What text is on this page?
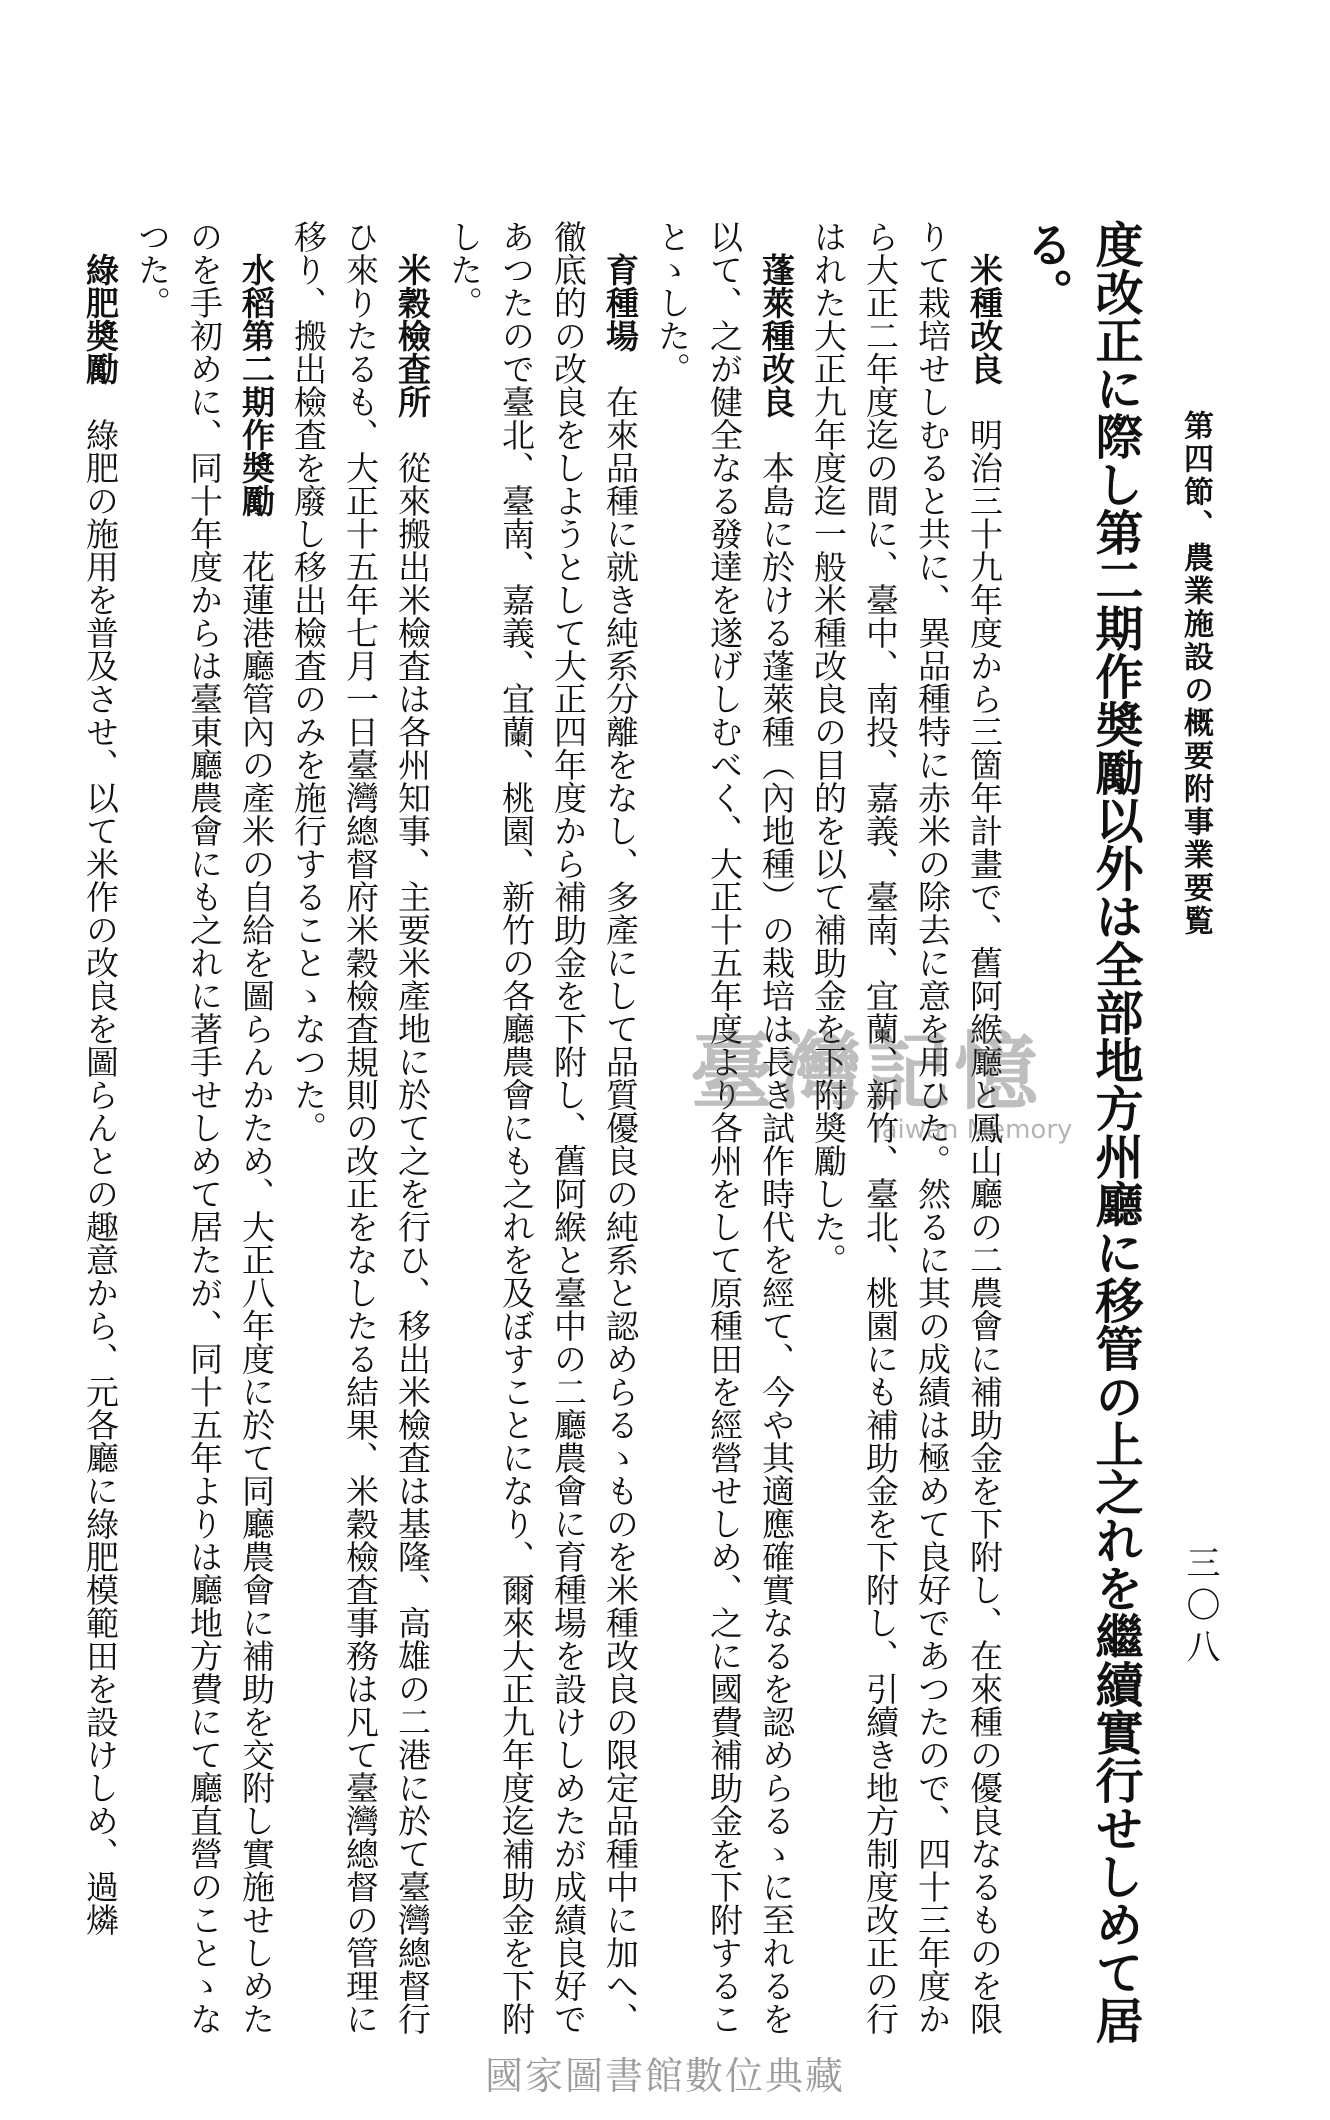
第四節、農業施設の概要附事業要覧
三〇八

度改正に際し第二期作奬勵以外は全部地方州廳に移管の上之れを繼續實行せしめて居る。

　米種改良　明治三十九年度から三箇年計畫で、舊阿緱廳と鳳山廳の二農會に補助金を下附し、在來種の優良なるものを限りて栽培せしむると共に、異品種特に赤米の除去に意を用ひた。然るに其の成績は極めて良好であつたので、四十三年度から大正二年度迄の間に、臺中、南投、嘉義、臺南、宜蘭、新竹、臺北、桃園にも補助金を下附し、引續き地方制度改正の行はれた大正九年度迄一般米種改良の目的を以て補助金を下附奬勵した。

　蓬萊種改良　本島に於ける蓬萊種（內地種）の栽培は長き試作時代を經て、今や其適應確實なるを認めらるゝに至れるを以て、之が健全なる發達を遂げしむべく、大正十五年度より各州をして原種田を經營せしめ、之に國費補助金を下附することゝした。

　育種場　在來品種に就き純系分離をなし、多產にして品質優良の純系と認めらるゝものを米種改良の限定品種中に加へ、徹底的の改良をしようとして大正四年度から補助金を下附し、舊阿緱と臺中の二廳農會に育種場を設けしめたが成績良好であつたので臺北、臺南、嘉義、宜蘭、桃園、新竹の各廳農會にも之れを及ぼすことになり、爾來大正九年度迄補助金を下附した。

　米穀檢査所　從來搬出米檢査は各州知事、主要米產地に於て之を行ひ、移出米檢査は基隆、高雄の二港に於て臺灣總督行ひ來りたるも、大正十五年七月一日臺灣總督府米穀檢査規則の改正をなしたる結果、米穀檢査事務は凡て臺灣總督の管理に移り、搬出檢査を廢し移出檢査のみを施行することゝなつた。

　水稻第二期作奬勵　花蓮港廳管內の產米の自給を圖らんかため、大正八年度に於て同廳農會に補助を交附し實施せしめたのを手初めに、同十年度からは臺東廳農會にも之れに著手せしめて居たが、同十五年よりは廳地方費にて廳直營のことゝなつた。

　綠肥奬勵　綠肥の施用を普及させ、以て米作の改良を圖らんとの趣意から、元各廳に綠肥模範田を設けしめ、過燐	臺灣記憶
Taiwan Memory
國家圖書館數位典藏
